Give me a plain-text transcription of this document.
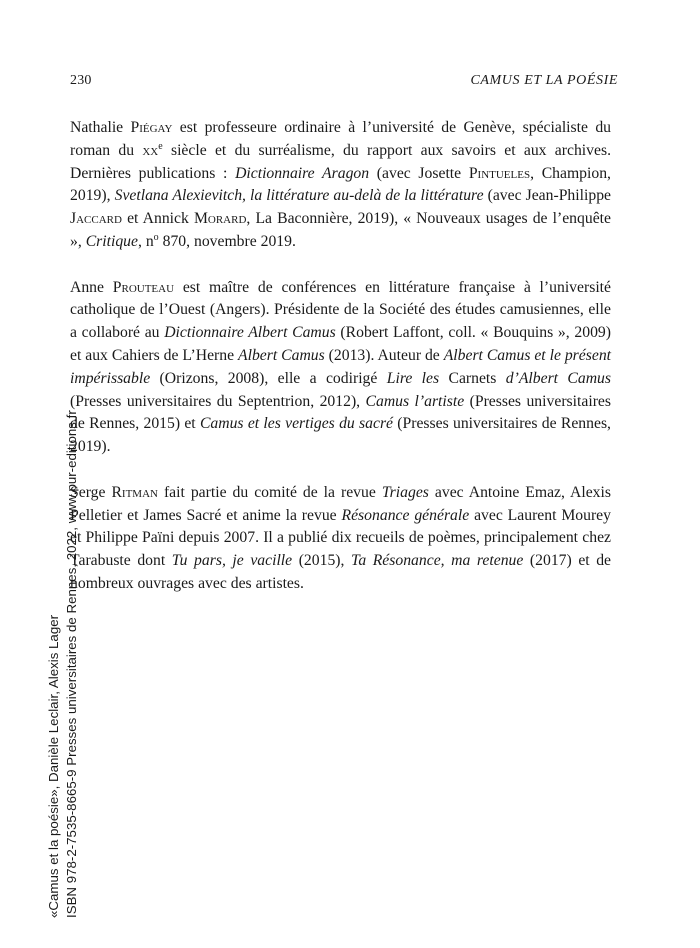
230	CAMUS ET LA POÉSIE

Nathalie Piégay est professeure ordinaire à l’université de Genève, spécialiste du roman du $xx^e$ siècle et du surréalisme, du rapport aux savoirs et aux archives. Dernières publications : Dictionnaire Aragon (avec Josette Pintueles, Champion, 2019), Svetlana Alexievitch, la littérature au-delà de la littérature (avec Jean-Philippe Jaccard et Annick Morard, La Baconnière, 2019), « Nouveaux usages de l’enquête », Critique, $n^o$ 870, novembre 2019.

Anne Prouteau est maître de conférences en littérature française à l’université catholique de l’Ouest (Angers). Présidente de la Société des études camusiennes, elle a collaboré au Dictionnaire Albert Camus (Robert Laffont, coll. « Bouquins », 2009) et aux Cahiers de L’Herne Albert Camus (2013). Auteur de Albert Camus et le présent impérissable (Orizons, 2008), elle a codirigé Lire les Carnets d’Albert Camus (Presses universitaires du Septentrion, 2012), Camus l’artiste (Presses universitaires de Rennes, 2015) et Camus et les vertiges du sacré (Presses universitaires de Rennes, 2019).

Serge Ritman fait partie du comité de la revue Triages avec Antoine Emaz, Alexis Pelletier et James Sacré et anime la revue Résonance générale avec Laurent Mourey et Philippe Païni depuis 2007. Il a publié dix recueils de poèmes, principalement chez Tarabuste dont Tu pars, je vacille (2015), Ta Résonance, ma retenue (2017) et de nombreux ouvrages avec des artistes.

«Camus et la poésie», Danièle Leclair, Alexis Lager ISBN 978-2-7535-8665-9 Presses universitaires de Rennes, 2022, www.pur-editions.fr
